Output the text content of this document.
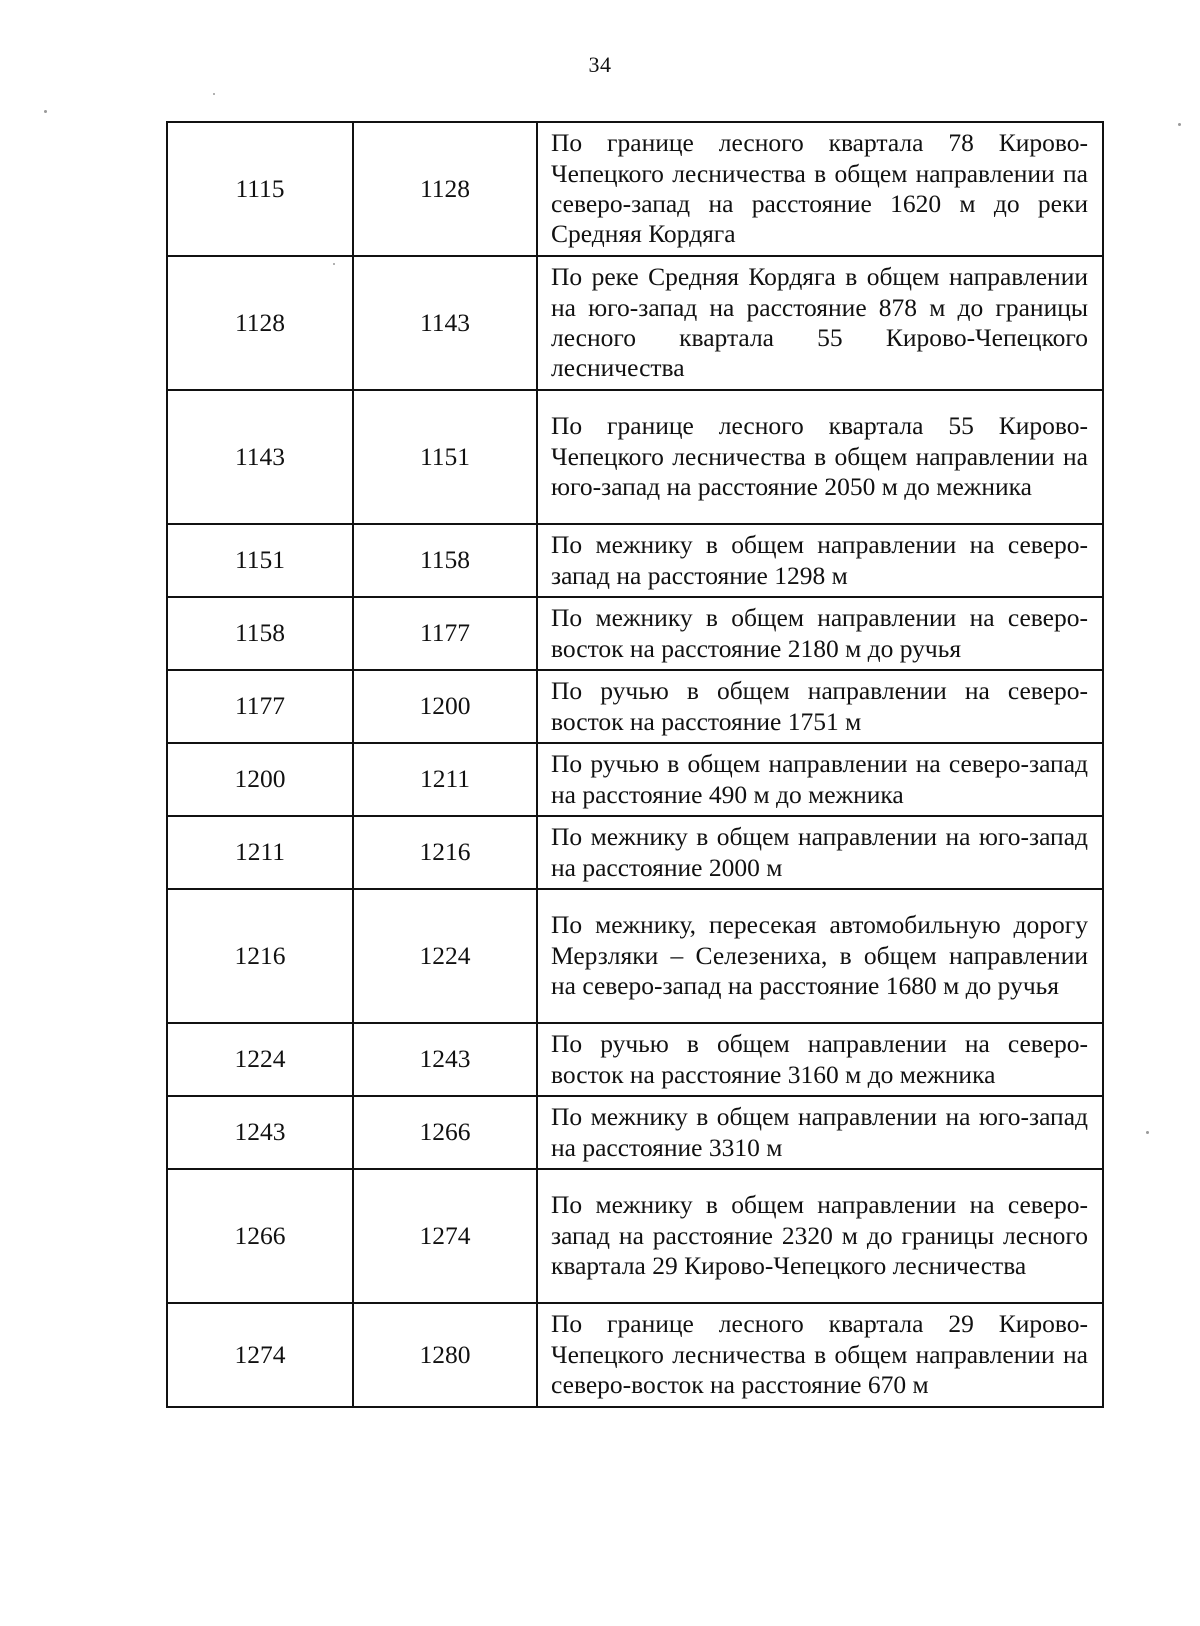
34
1115	1128	По границе лесного квартала 78 Кирово-Чепецкого лесничества в общем направлении па северо-запад на расстояние 1620 м до реки Средняя Кордяга

1128	1143	По реке Средняя Кордяга в общем направлении на юго-запад на расстояние 878 м до границы лесного квартала 55 Кирово-Чепецкого лесничества

1143	1151	По границе лесного квартала 55 Кирово-Чепецкого лесничества в общем направлении на юго-запад на расстояние 2050 м до межника

1151	1158	По межнику в общем направлении на северо-запад на расстояние 1298 м

1158	1177	По межнику в общем направлении на северо-восток на расстояние 2180 м до ручья

1177	1200	По ручью в общем направлении на северо-восток на расстояние 1751 м

1200	1211	По ручью в общем направлении на северо-запад на расстояние 490 м до межника

1211	1216	По межнику в общем направлении на юго-запад на расстояние 2000 м

1216	1224	По межнику, пересекая автомобильную дорогу Мерзляки – Селезениха, в общем направлении на северо-запад на расстояние 1680 м до ручья

1224	1243	По ручью в общем направлении на северо-восток на расстояние 3160 м до межника

1243	1266	По межнику в общем направлении на юго-запад на расстояние 3310 м

1266	1274	По межнику в общем направлении на северо-запад на расстояние 2320 м до границы лесного квартала 29 Кирово-Чепецкого лесничества

1274	1280	По границе лесного квартала 29 Кирово-Чепецкого лесничества в общем направлении на северо-восток на расстояние 670 м
